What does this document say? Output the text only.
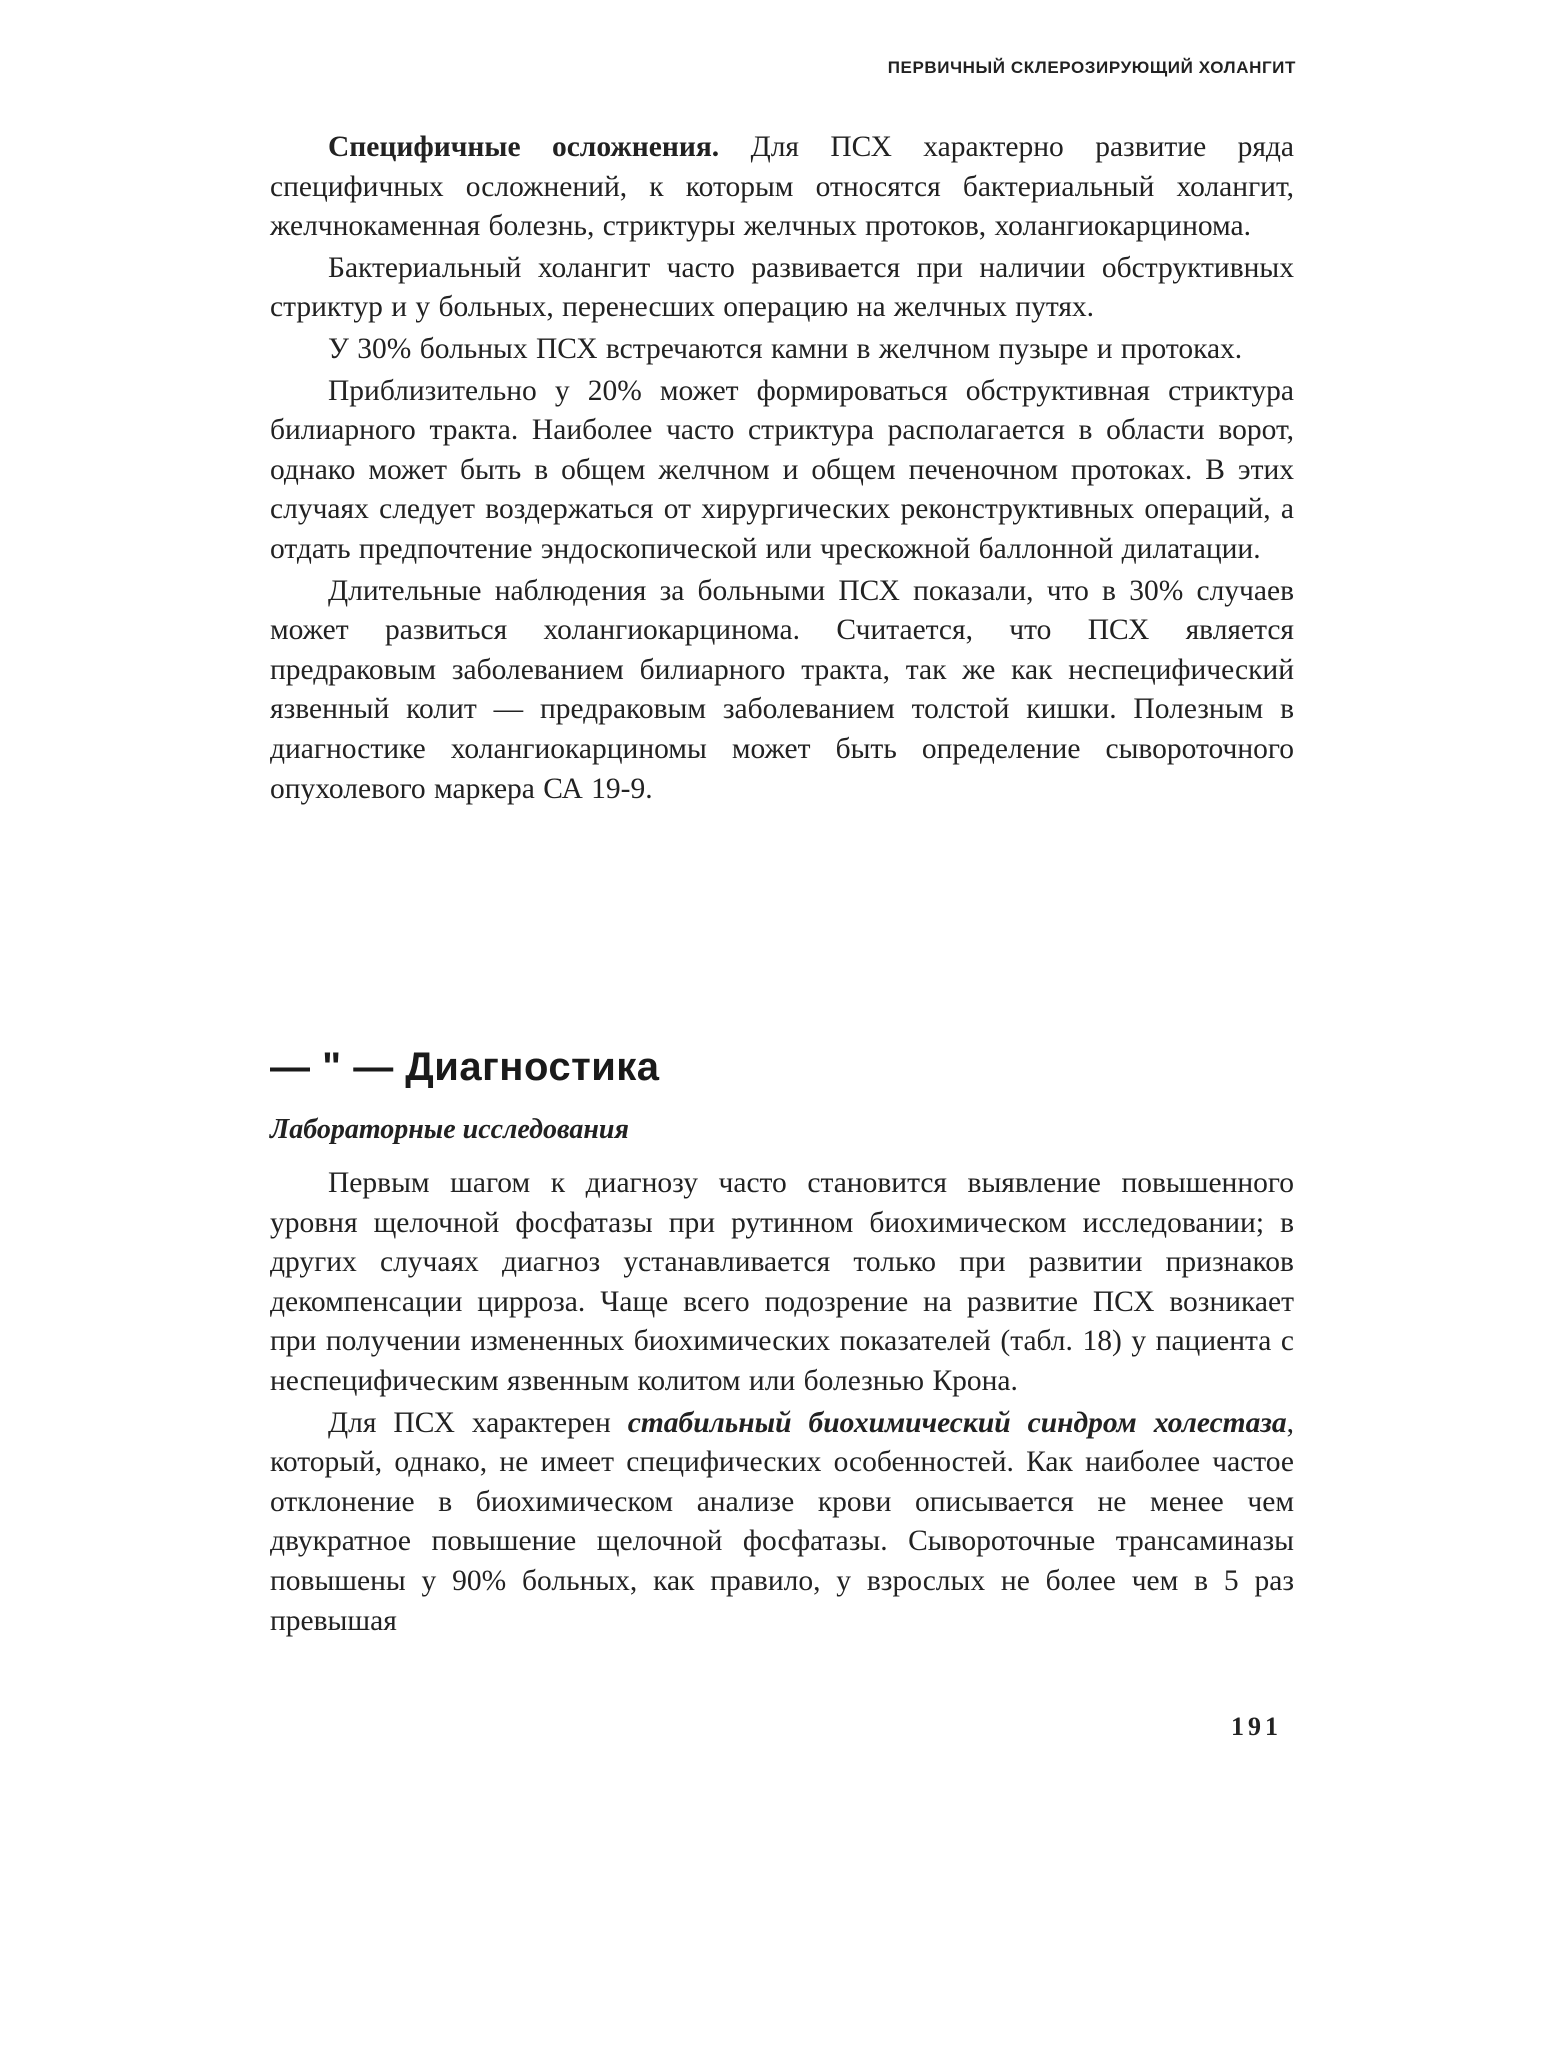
ПЕРВИЧНЫЙ СКЛЕРОЗИРУЮЩИЙ ХОЛАНГИТ

Специфичные осложнения. Для ПСХ характерно развитие ряда специфичных осложнений, к которым относятся бактериальный холангит, желчнокаменная болезнь, стриктуры желчных протоков, холангиокарцинома.

Бактериальный холангит часто развивается при наличии обструктивных стриктур и у больных, перенесших операцию на желчных путях.

У 30% больных ПСХ встречаются камни в желчном пузыре и протоках.

Приблизительно у 20% может формироваться обструктивная стриктура билиарного тракта. Наиболее часто стриктура располагается в области ворот, однако может быть в общем желчном и общем печеночном протоках. В этих случаях следует воздержаться от хирургических реконструктивных операций, а отдать предпочтение эндоскопической или чрескожной баллонной дилатации.

Длительные наблюдения за больными ПСХ показали, что в 30% случаев может развиться холангиокарцинома. Считается, что ПСХ является предраковым заболеванием билиарного тракта, так же как неспецифический язвенный колит — предраковым заболеванием толстой кишки. Полезным в диагностике холангиокарциномы может быть определение сывороточного опухолевого маркера СА 19-9.

— " — Диагностика
Лабораторные исследования

Первым шагом к диагнозу часто становится выявление повышенного уровня щелочной фосфатазы при рутинном биохимическом исследовании; в других случаях диагноз устанавливается только при развитии признаков декомпенсации цирроза. Чаще всего подозрение на развитие ПСХ возникает при получении измененных биохимических показателей (табл. 18) у пациента с неспецифическим язвенным колитом или болезнью Крона.

Для ПСХ характерен стабильный биохимический синдром холестаза, который, однако, не имеет специфических особенностей. Как наиболее частое отклонение в биохимическом анализе крови описывается не менее чем двукратное повышение щелочной фосфатазы. Сывороточные трансаминазы повышены у 90% больных, как правило, у взрослых не более чем в 5 раз превышая

191
